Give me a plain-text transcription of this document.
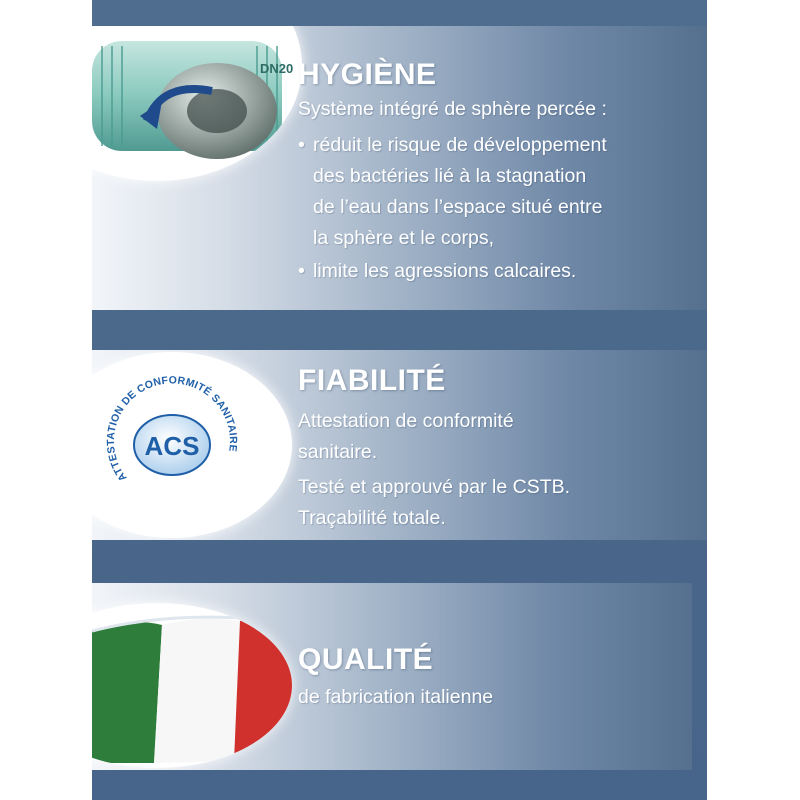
DN20 HYGIÈNE
Système intégré de sphère percée :
• réduit le risque de développement
des bactéries lié à la stagnation
de l’eau dans l’espace situé entre
la sphère et le corps,
• limite les agressions calcaires.
ACS
ATTESTATION DE CONFORMITÉ SANITAIRE
FIABILITÉ
Attestation de conformité
sanitaire.
Testé et approuvé par le CSTB.
Traçabilité totale.
QUALITÉ
de fabrication italienne
